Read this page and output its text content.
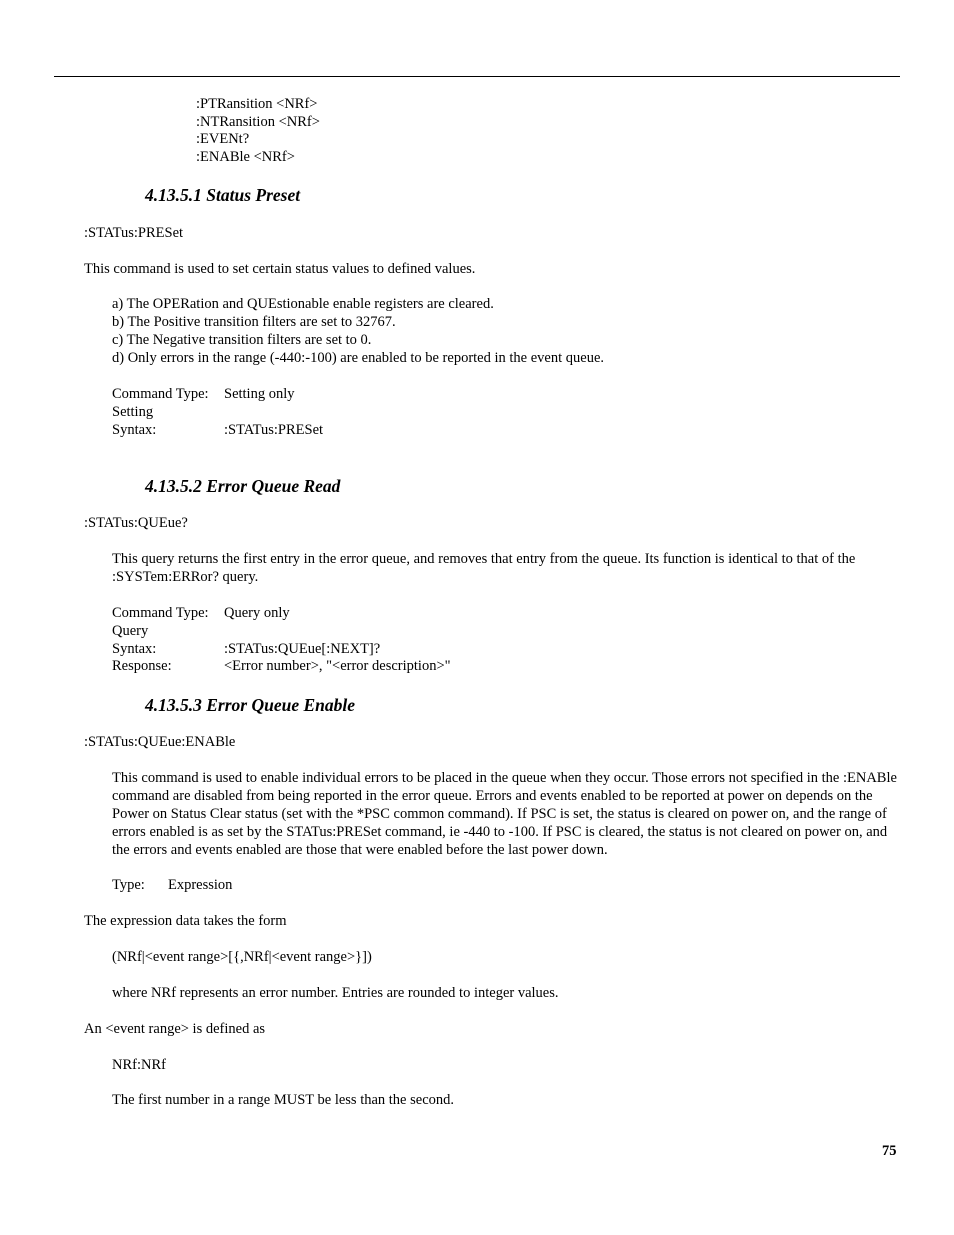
:PTRansition <NRf>
:NTRansition <NRf>
:EVENt?
:ENABle <NRf>
4.13.5.1 Status Preset
:STATus:PRESet
This command is used to set certain status values to defined values.
a) The OPERation and QUEstionable enable registers are cleared.
b) The Positive transition filters are set to 32767.
c) The Negative transition filters are set to 0.
d) Only errors in the range (-440:-100) are enabled to be reported in the event queue.
Command Type: Setting only
Setting
Syntax:	:STATus:PRESet
4.13.5.2 Error Queue Read
:STATus:QUEue?
This query returns the first entry in the error queue, and removes that entry from the queue. Its function is identical to that of the :SYSTem:ERRor? query.
Command Type: Query only
Query
Syntax:	:STATus:QUEue[:NEXT]?
Response:	<Error number>, "<error description>"
4.13.5.3 Error Queue Enable
:STATus:QUEue:ENABle
This command is used to enable individual errors to be placed in the queue when they occur. Those errors not specified in the :ENABle command are disabled from being reported in the error queue. Errors and events enabled to be reported at power on depends on the Power on Status Clear status (set with the *PSC common command). If PSC is set, the status is cleared on power on, and the range of errors enabled is as set by the STATus:PRESet command, ie -440 to -100. If PSC is cleared, the status is not cleared on power on, and the errors and events enabled are those that were enabled before the last power down.
Type: Expression
The expression data takes the form
(NRf|<event range>[{,NRf|<event range>}])
where NRf represents an error number. Entries are rounded to integer values.
An <event range> is defined as
NRf:NRf
The first number in a range MUST be less than the second.
75
